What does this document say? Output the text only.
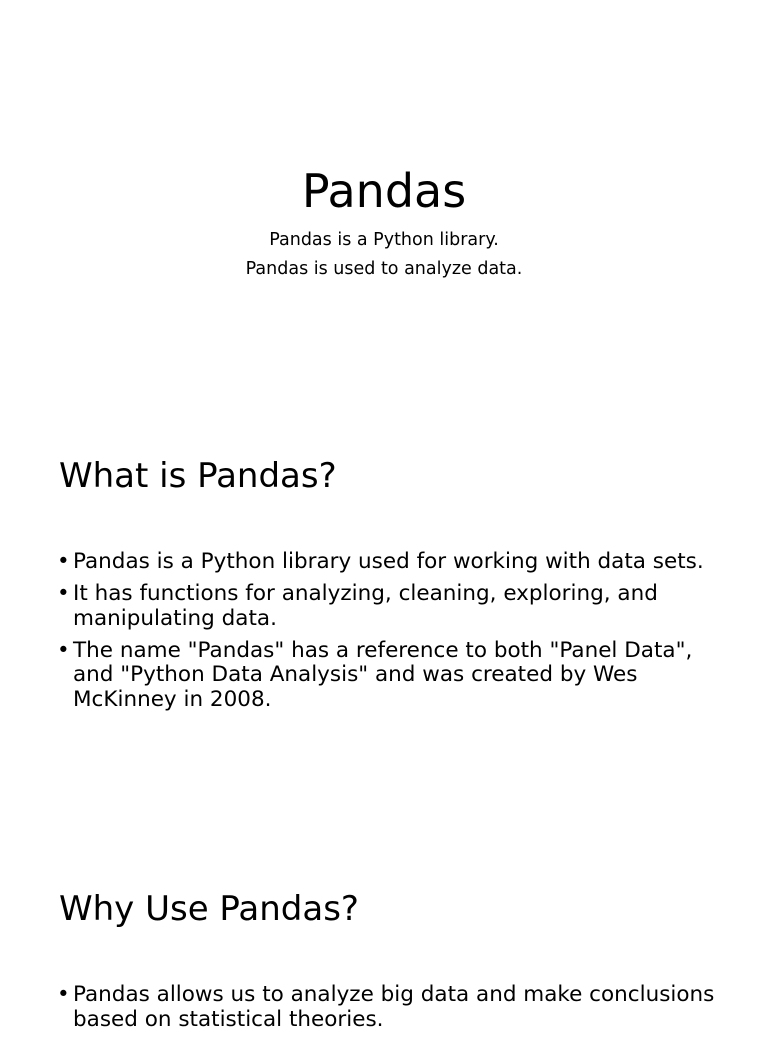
Pandas

Pandas is a Python library.

Pandas is used to analyze data.

What is Pandas?
• Pandas is a Python library used for working with data sets.
• It has functions for analyzing, cleaning, exploring, and manipulating data.
• The name "Pandas" has a reference to both "Panel Data", and "Python Data Analysis" and was created by Wes McKinney in 2008.
Why Use Pandas?
• Pandas allows us to analyze big data and make conclusions based on statistical theories.
